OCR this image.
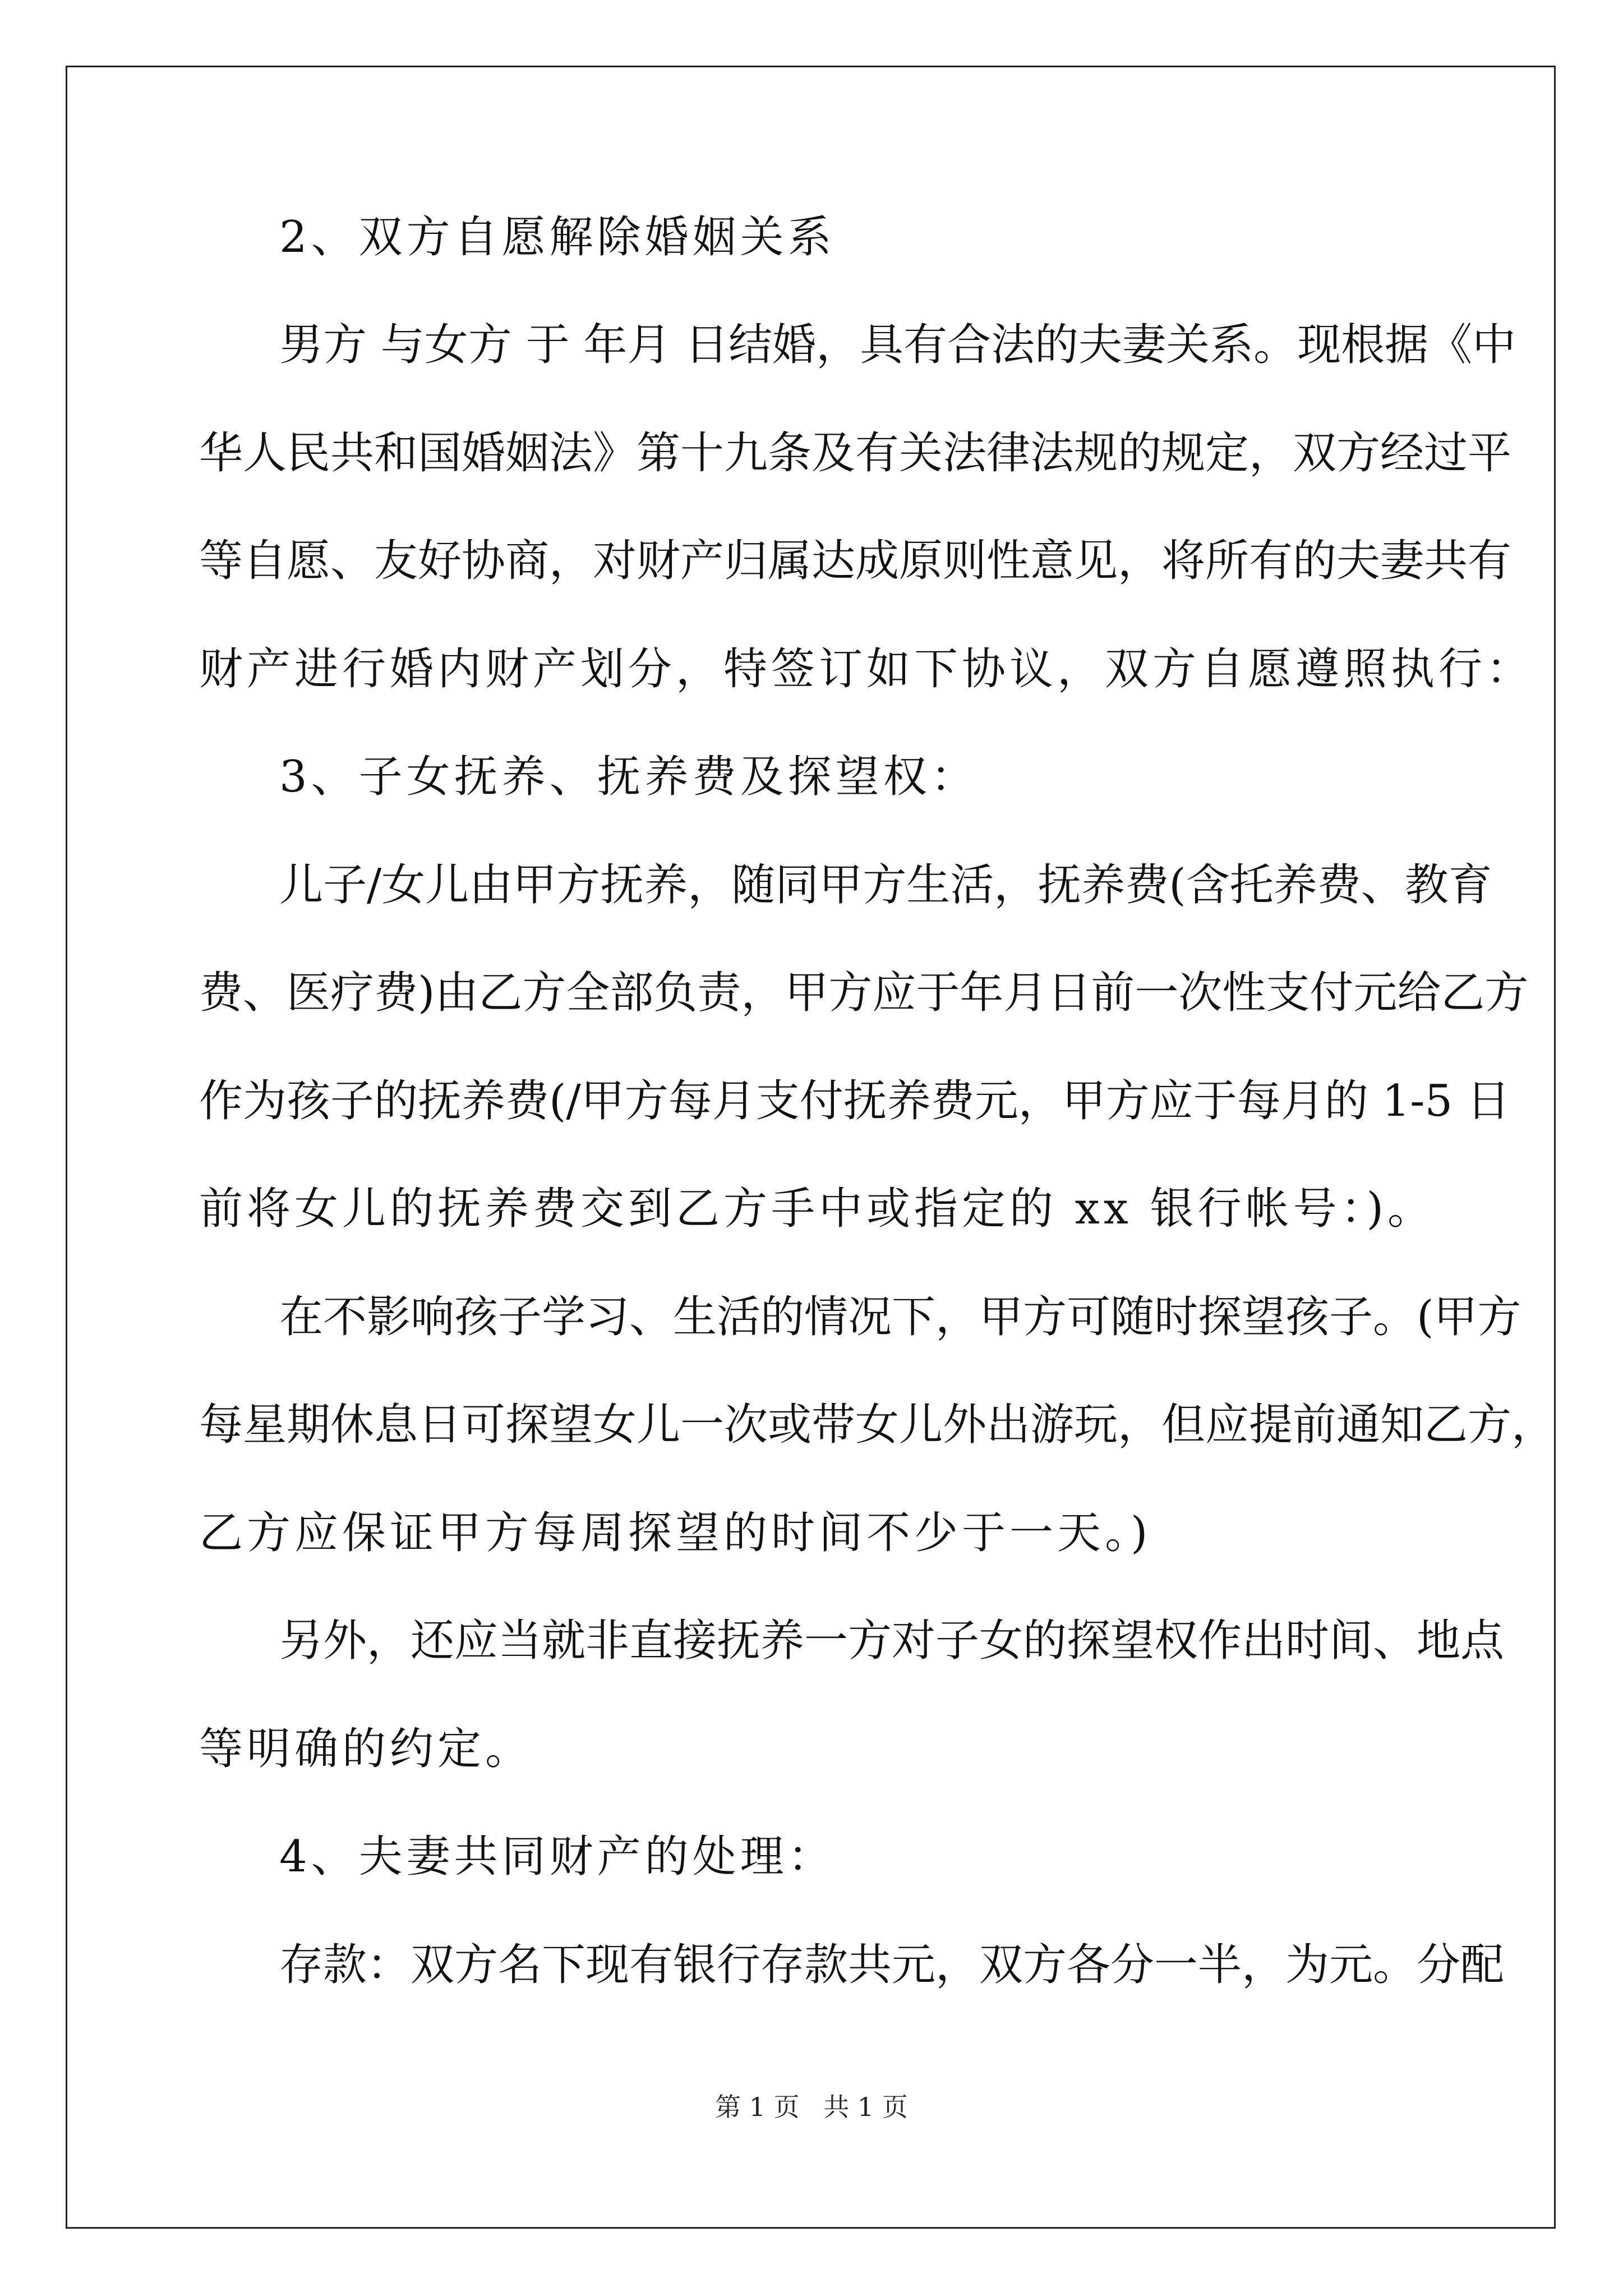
2、双方自愿解除婚姻关系
男方 与女方 于 年月 日结婚，具有合法的夫妻关系。现根据《中
华人民共和国婚姻法》第十九条及有关法律法规的规定，双方经过平
等自愿、友好协商，对财产归属达成原则性意见，将所有的夫妻共有
财产进行婚内财产划分，特签订如下协议，双方自愿遵照执行：
3、子女抚养、抚养费及探望权：
儿子/女儿由甲方抚养，随同甲方生活，抚养费(含托养费、教育
费、医疗费)由乙方全部负责，甲方应于年月日前一次性支付元给乙方
作为孩子的抚养费(/甲方每月支付抚养费元，甲方应于每月的 1-5 日
前将女儿的抚养费交到乙方手中或指定的 xx 银行帐号：)。
在不影响孩子学习、生活的情况下，甲方可随时探望孩子。(甲方
每星期休息日可探望女儿一次或带女儿外出游玩，但应提前通知乙方，
乙方应保证甲方每周探望的时间不少于一天。)
另外，还应当就非直接抚养一方对子女的探望权作出时间、地点
等明确的约定。
4、夫妻共同财产的处理：
存款：双方名下现有银行存款共元，双方各分一半，为元。分配
第 1 页 共 1 页
